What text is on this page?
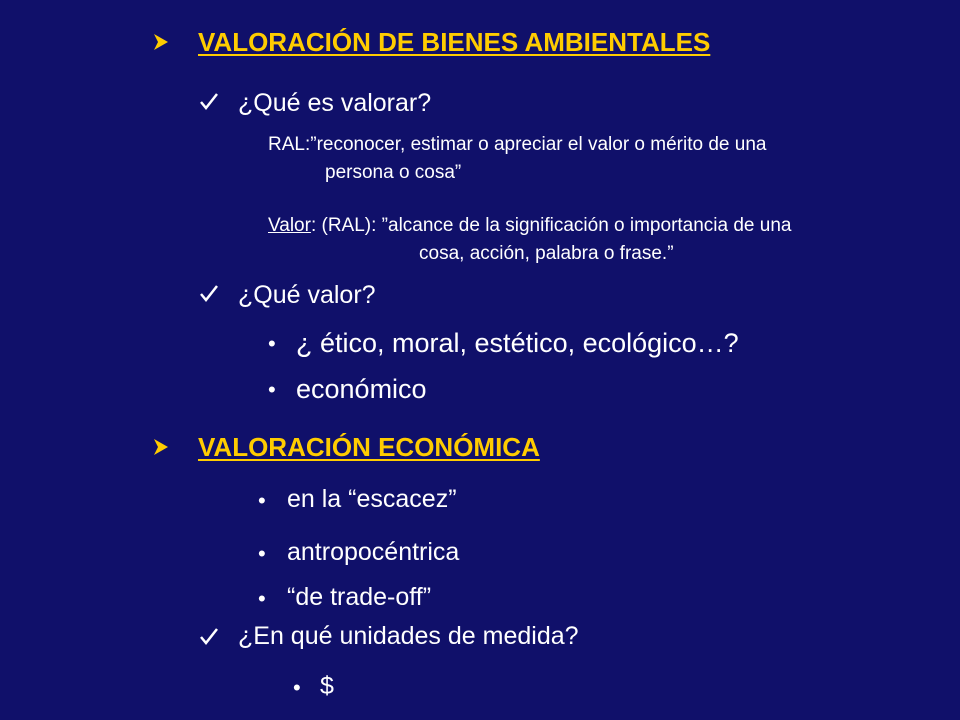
VALORACIÓN DE BIENES AMBIENTALES
¿Qué es valorar?
RAL:”reconocer, estimar o apreciar el valor o mérito de una
persona o cosa”
Valor: (RAL): ”alcance de la significación o importancia de una
cosa, acción, palabra o frase.”
¿Qué valor?
• ¿ ético, moral, estético, ecológico…?
• económico
VALORACIÓN ECONÓMICA
• en la “escacez”
• antropocéntrica
• “de trade-off”
¿En qué unidades de medida?
• $
